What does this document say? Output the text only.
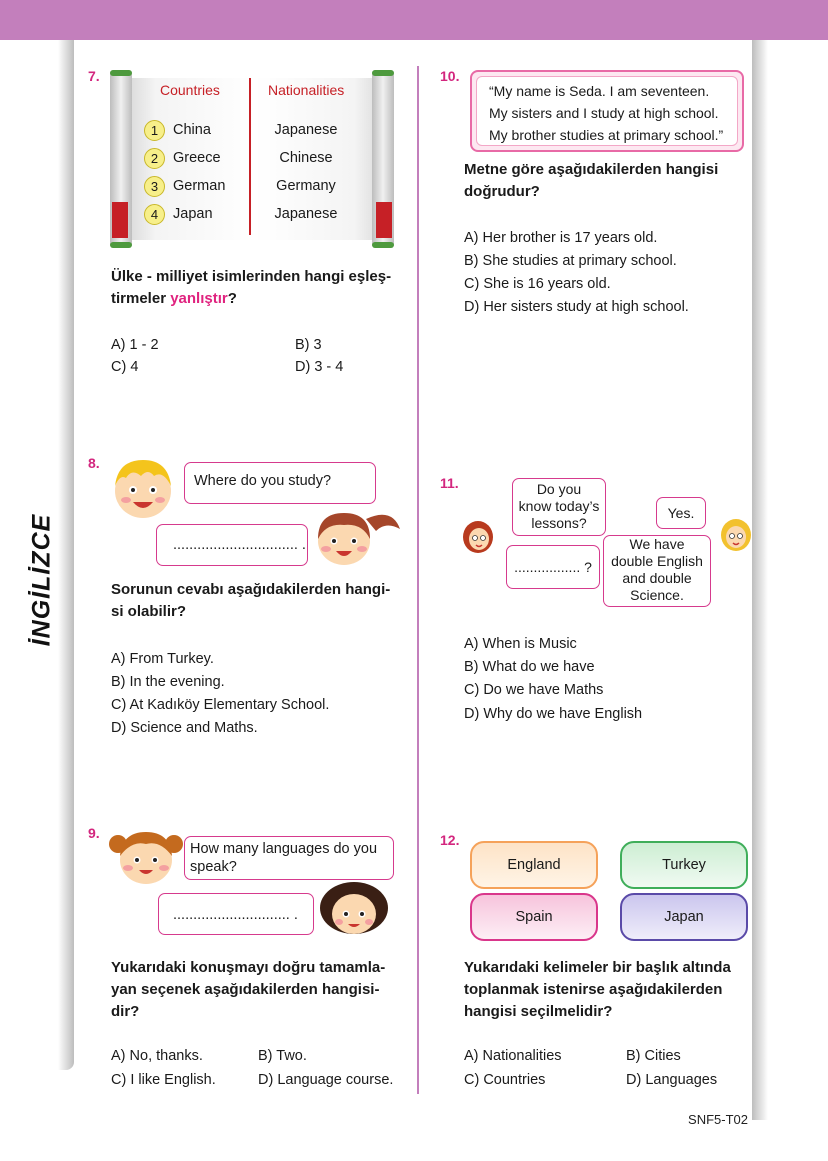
İNGİLİZCE
7.
Countries	Nationalities
1 China	Japanese
2 Greece	Chinese
3 German	Germany
4 Japan	Japanese
Ülke - milliyet isimlerinden hangi eşleş-
tirmeler yanlıştır?
A) 1 - 2	B) 3
C) 4	D) 3 - 4
8.
Where do you study?
............................... .
Sorunun cevabı aşağıdakilerden hangi-
si olabilir?
A) From Turkey.
B) In the evening.
C) At Kadıköy Elementary School.
D) Science and Maths.
9.
How many languages do you
speak?
............................. .
Yukarıdaki konuşmayı doğru tamamla-
yan seçenek aşağıdakilerden hangisi-
dir?
A) No, thanks.	B) Two.
C) I like English.	D) Language course.
10.
“My name is Seda. I am seventeen.
My sisters and I study at high school.
My brother studies at primary school.”
Metne göre aşağıdakilerden hangisi
doğrudur?
A) Her brother is 17 years old.
B) She studies at primary school.
C) She is 16 years old.
D) Her sisters study at high school.
11.	Do you
know today’s
lessons?
Yes.
................. ?
We have
double English
and double
Science.
A) When is Music
B) What do we have
C) Do we have Maths
D) Why do we have English
12.
England	Turkey
Spain	Japan
Yukarıdaki kelimeler bir başlık altında
toplanmak istenirse aşağıdakilerden
hangisi seçilmelidir?
A) Nationalities	B) Cities
C) Countries	D) Languages
SNF5-T02
